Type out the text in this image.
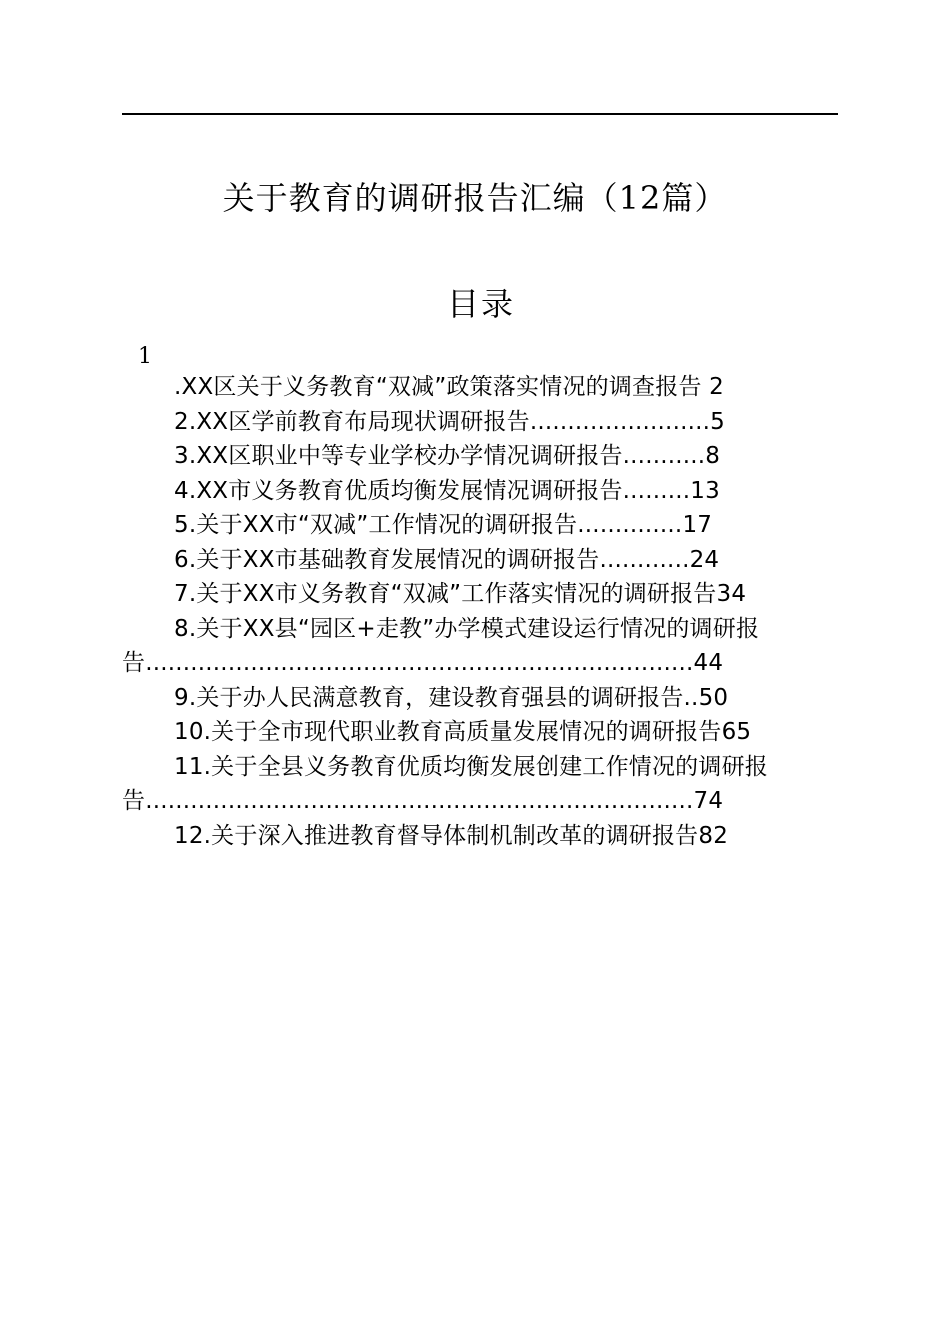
关于教育的调研报告汇编（12篇）
目录
1
.XX区关于义务教育“双减”政策落实情况的调查报告 2
2.XX区学前教育布局现状调研报告........................5
3.XX区职业中等专业学校办学情况调研报告...........8
4.XX市义务教育优质均衡发展情况调研报告.........13
5.关于XX市“双减”工作情况的调研报告..............17
6.关于XX市基础教育发展情况的调研报告............24
7.关于XX市义务教育“双减”工作落实情况的调研报告34
8.关于XX县“园区+走教”办学模式建设运行情况的调研报
告.........................................................................44
9.关于办人民满意教育，建设教育强县的调研报告..50
10.关于全市现代职业教育高质量发展情况的调研报告65
11.关于全县义务教育优质均衡发展创建工作情况的调研报
告.........................................................................74
12.关于深入推进教育督导体制机制改革的调研报告82
